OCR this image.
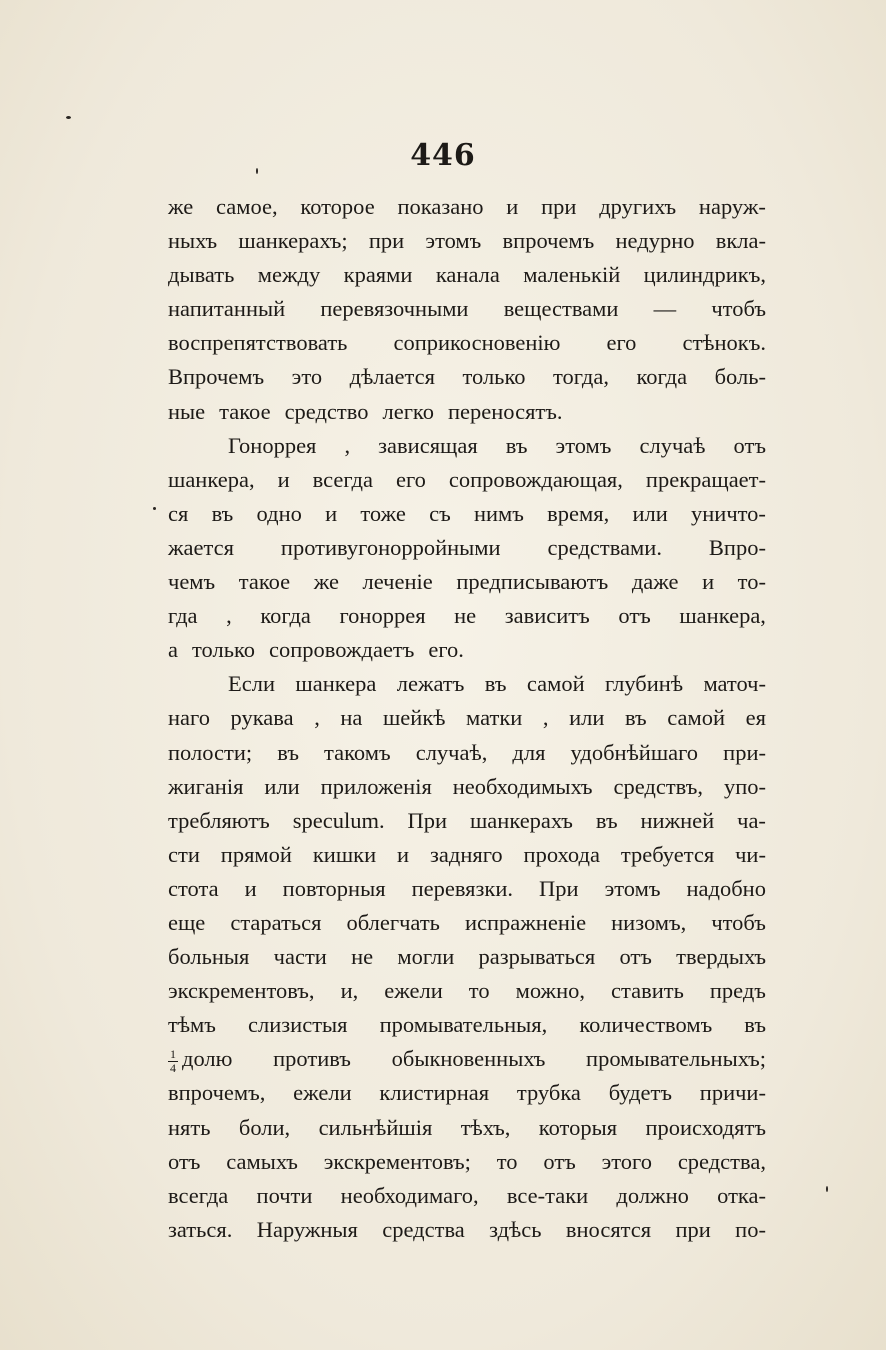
446
же самое, которое показано и при другихъ наруж-
ныхъ шанкерахъ; при этомъ впрочемъ недурно вкла-
дывать между краями канала маленькій цилиндрикъ,
напитанный перевязочными веществами — чтобъ
воспрепятствовать соприкосновенію его стѣнокъ.
Впрочемъ это дѣлается только тогда, когда боль-
ные такое средство легко переносятъ.
Гоноррея , зависящая въ этомъ случаѣ отъ
шанкера, и всегда его сопровождающая, прекращает-
ся въ одно и тоже съ нимъ время, или уничто-
жается противугонорройными средствами. Впро-
чемъ такое же леченіе предписываютъ даже и то-
гда , когда гоноррея не зависитъ отъ шанкера,
а только сопровождаетъ его.
Если шанкера лежатъ въ самой глубинѣ маточ-
наго рукава , на шейкѣ матки , или въ самой ея
полости; въ такомъ случаѣ, для удобнѣйшаго при-
жиганія или приложенія необходимыхъ средствъ, упо-
требляютъ speculum. При шанкерахъ въ нижней ча-
сти прямой кишки и задняго прохода требуется чи-
стота и повторныя перевязки. При этомъ надобно
еще стараться облегчать испражненіе низомъ, чтобъ
больныя части не могли разрываться отъ твердыхъ
экскрементовъ, и, ежели то можно, ставить предъ
тѣмъ слизистыя промывательныя, количествомъ въ
$\frac{1}{4}$ долю противъ обыкновенныхъ промывательныхъ;
впрочемъ, ежели клистирная трубка будетъ причи-
нять боли, сильнѣйшія тѣхъ, которыя происходятъ
отъ самыхъ экскрементовъ; то отъ этого средства,
всегда почти необходимаго, все-таки должно отка-
заться. Наружныя средства здѣсь вносятся при по-
